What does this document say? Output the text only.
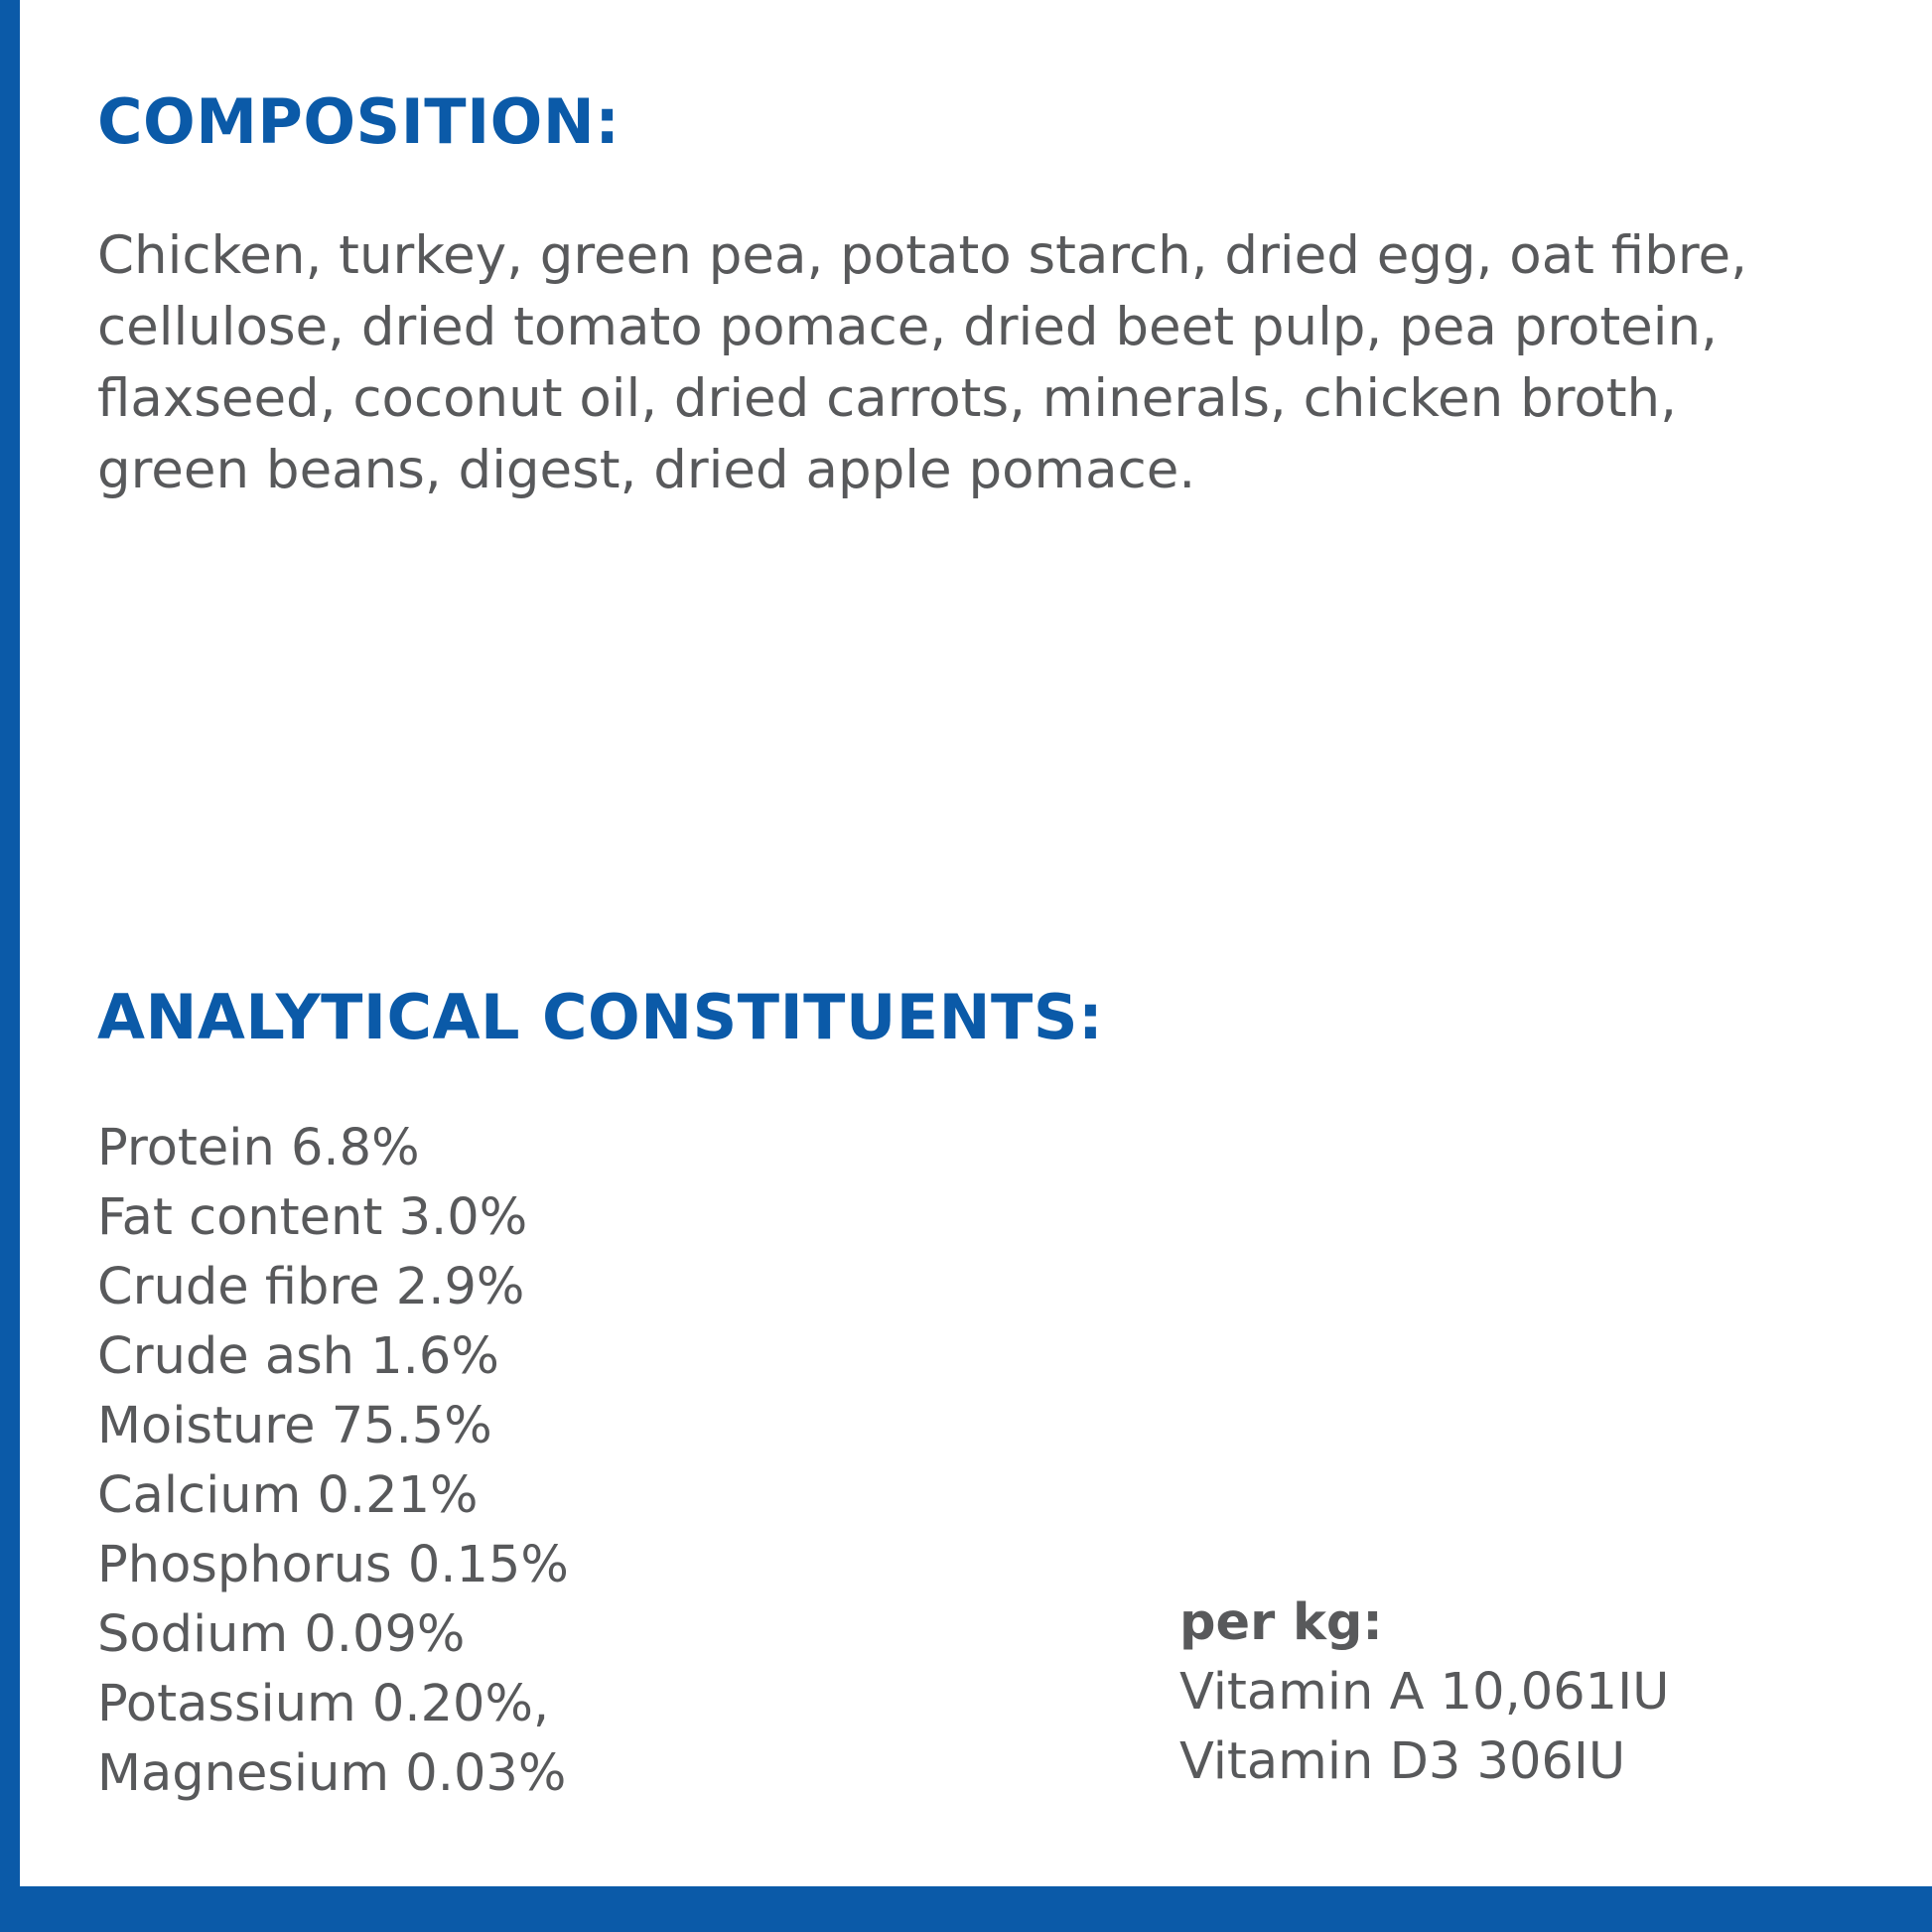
COMPOSITION:
Chicken, turkey, green pea, potato starch, dried egg, oat fibre, cellulose, dried tomato pomace, dried beet pulp, pea protein, flaxseed, coconut oil, dried carrots, minerals, chicken broth, green beans, digest, dried apple pomace.
ANALYTICAL CONSTITUENTS:
Protein 6.8%
Fat content 3.0%
Crude fibre 2.9%
Crude ash 1.6%
Moisture 75.5%
Calcium 0.21%
Phosphorus 0.15%
Sodium 0.09%
Potassium 0.20%,
Magnesium 0.03%
per kg:
Vitamin A 10,061IU
Vitamin D3 306IU
